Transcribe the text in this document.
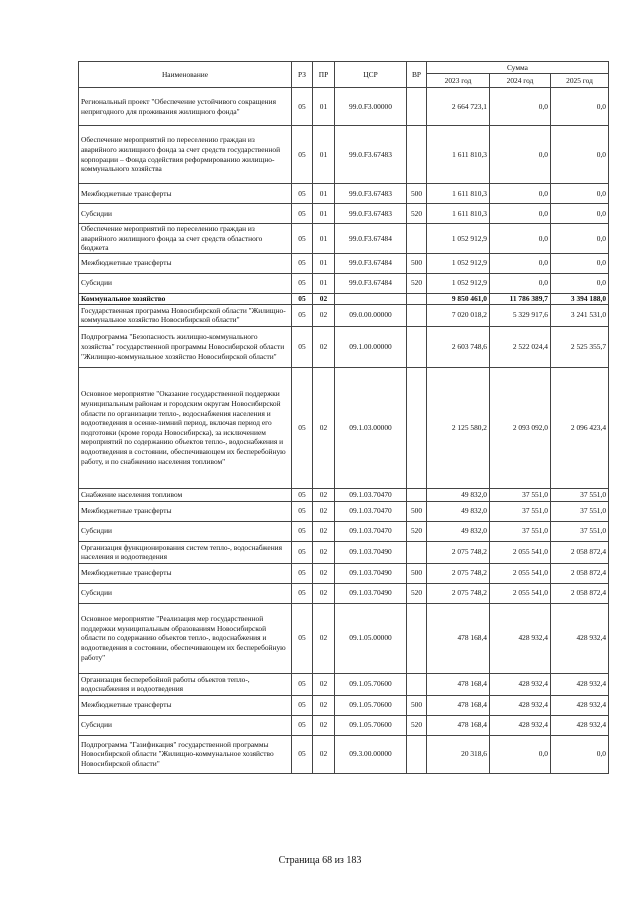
Наименование	РЗ	ПР	ЦСР	ВР	Сумма		
					2023 год	2024 год	2025 год
Региональный проект "Обеспечение устойчивого сокращения непригодного для проживания жилищного фонда"	05	01	99.0.F3.00000		2 664 723,1	0,0	0,0
Обеспечение мероприятий по переселению граждан из аварийного жилищного фонда за счет средств государственной корпорации – Фонда содействия реформированию жилищно-коммунального хозяйства	05	01	99.0.F3.67483		1 611 810,3	0,0	0,0
Межбюджетные трансферты	05	01	99.0.F3.67483	500	1 611 810,3	0,0	0,0
Субсидии	05	01	99.0.F3.67483	520	1 611 810,3	0,0	0,0
Обеспечение мероприятий по переселению граждан из аварийного жилищного фонда за счет средств областного бюджета	05	01	99.0.F3.67484		1 052 912,9	0,0	0,0
Межбюджетные трансферты	05	01	99.0.F3.67484	500	1 052 912,9	0,0	0,0
Субсидии	05	01	99.0.F3.67484	520	1 052 912,9	0,0	0,0
Коммунальное хозяйство	05	02			9 850 461,0	11 786 389,7	3 394 188,0
Государственная программа Новосибирской области "Жилищно-коммунальное хозяйство Новосибирской области"	05	02	09.0.00.00000		7 020 018,2	5 329 917,6	3 241 531,0
Подпрограмма "Безопасность жилищно-коммунального хозяйства" государственной программы Новосибирской области "Жилищно-коммунальное хозяйство Новосибирской области"	05	02	09.1.00.00000		2 603 748,6	2 522 024,4	2 525 355,7
Основное мероприятие "Оказание государственной поддержки муниципальным районам и городским округам Новосибирской области по организации тепло-, водоснабжения населения и водоотведения в осенне-зимний период, включая период его подготовки (кроме города Новосибирска), за исключением мероприятий по содержанию объектов тепло-, водоснабжения и водоотведения в состоянии, обеспечивающем их бесперебойную работу, и по снабжению населения топливом"	05	02	09.1.03.00000		2 125 580,2	2 093 092,0	2 096 423,4
Снабжение населения топливом	05	02	09.1.03.70470		49 832,0	37 551,0	37 551,0
Межбюджетные трансферты	05	02	09.1.03.70470	500	49 832,0	37 551,0	37 551,0
Субсидии	05	02	09.1.03.70470	520	49 832,0	37 551,0	37 551,0
Организация функционирования систем тепло-, водоснабжения населения и водоотведения	05	02	09.1.03.70490		2 075 748,2	2 055 541,0	2 058 872,4
Межбюджетные трансферты	05	02	09.1.03.70490	500	2 075 748,2	2 055 541,0	2 058 872,4
Субсидии	05	02	09.1.03.70490	520	2 075 748,2	2 055 541,0	2 058 872,4
Основное мероприятие "Реализация мер государственной поддержки муниципальным образованиям Новосибирской области по содержанию объектов тепло-, водоснабжения и водоотведения в состоянии, обеспечивающем их бесперебойную работу"	05	02	09.1.05.00000		478 168,4	428 932,4	428 932,4
Организация бесперебойной работы объектов тепло-, водоснабжения и водоотведения	05	02	09.1.05.70600		478 168,4	428 932,4	428 932,4
Межбюджетные трансферты	05	02	09.1.05.70600	500	478 168,4	428 932,4	428 932,4
Субсидии	05	02	09.1.05.70600	520	478 168,4	428 932,4	428 932,4
Подпрограмма "Газификация" государственной программы Новосибирской области "Жилищно-коммунальное хозяйство Новосибирской области"	05	02	09.3.00.00000		20 318,6	0,0	0,0
Страница 68 из 183
